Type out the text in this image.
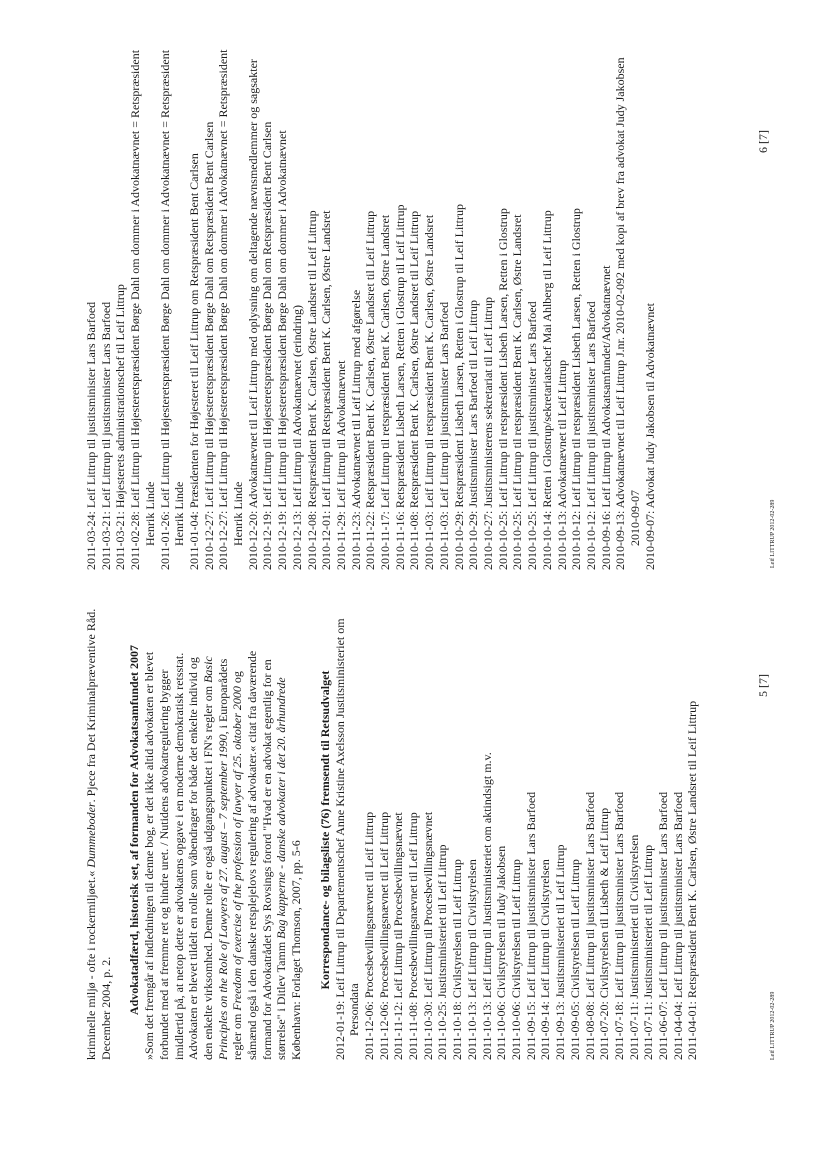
kriminelle miljø - ofte i rockermiljøet.« Dummeboder. Pjece fra Det Kriminalpræventive Råd. December 2004, p. 2. Advokatadfærd, historisk set, af formanden for Advokatsamfundet 2007 »Som det fremgår af indledningen til denne bog, er det ikke altid advokaten er blevet forbundet med at fremme ret og hindre uret. / Nutidens advokatregulering bygger imidlertid på, at netop dette er advokatens opgave i en moderne demokratisk retsstat. Advokaten er blevet tildelt en rolle som våbendrager for både det enkelte individ og den enkelte virksomhed. Denne rolle er også udgangspunktet i FN's regler om Basic
Principles on the Role of Lawyers af 27. august – 7 september 1990, i Europarådets
regler om Freedom of exercise of the profession of lawyer af 25. oktober 2000 og såmænd også i den danske retsplejelovs regulering af advokater.« citat fra daværende formand for Advokatrådet Sys Rovsings forord "Hvad er en advokat egentlig for en størrelse" i Ditlev Tamm Bag kapperne - danske advokater i det 20. århundrede
København: Forlaget Thomson, 2007, pp. 5-6 Korrespondance- og bilagsliste (76) fremsendt til Retsudvalget 2012-01-19: Leif Littrup til Departementschef Anne Kristine Axelsson Justitsministeriet om Persondata 2011-12-06: Procesbevillingsnævnet til Leif Littrup 2011-12-06: Procesbevillingsnævnet til Leif Littrup 2011-11-12: Leif Littrup til Procesbevillingsnævnet 2011-11-08: Procesbevillingsnævnet til Leif Littrup 2011-10-30: Leif Littrup til Procesbevillingsnævnet 2011-10-25: Justitsministeriet til Leif Littrup 2011-10-18: Civilstyrelsen til Leif Littrup 2011-10-13: Leif Littrup til Civilstyrelsen 2011-10-13: Leif Littrup til Justitsministeriet om aktindsigt m.v. 2011-10-06: Civilstyrelsen til Judy Jakobsen 2011-10-06: Civilstyrelsen til Leif Littrup 2011-09-15: Leif Littrup til justitsminister Lars Barfoed 2011-09-14: Leif Littrup til Civilstyrelsen 2011-09-13: Justitsministeriet til Leif Littrup 2011-09-05: Civilstyrelsen til Leif Littrup 2011-08-08: Leif Littrup til justitsminister Lars Barfoed 2011-07-20: Civilstyrelsen til Lisbeth & Leif Littrup 2011-07-18: Leif Littrup til justitsminister Lars Barfoed 2011-07-11: Justitsministeriet til Civilstyrelsen 2011-07-11: Justitsministeriet til Leif Littrup 2011-06-07: Leif Littrup til justitsminister Lars Barfoed 2011-04-04: Leif Littrup til justitsminister Lars Barfoed 2011-04-01: Retspræsident Bent K. Carlsen, Østre Landsret til Leif Littrup

5[7]
Leif LITTRUP 2012-02-289

2011-03-24: Leif Littrup til justitsminister Lars Barfoed 2011-03-21: Leif Littrup til justitsminister Lars Barfoed 2011-03-21: Højesterets administrationschef til Leif Littrup 2011-02-28: Leif Littrup til Højesteretspræsident Børge Dahl om dommer i Advokatnævnet = Retspræsident Henrik Linde 2011-01-26: Leif Littrup til Højesteretspræsident Børge Dahl om dommer i Advokatnævnet = Retspræsident Henrik Linde 2011-01-04: Præsidenten for Højesteret til Leif Littrup om Retspræsident Bent Carlsen 2010-12-27: Leif Littrup til Højesteretspræsident Børge Dahl om Retspræsident Bent Carlsen 2010-12-27: Leif Littrup til Højesteretspræsident Børge Dahl om dommer i Advokatnævnet = Retspræsident Henrik Linde 2010-12-20: Advokatnævnet til Leif Littrup med oplysning om deltagende nævnsmedlemmer og sagsakter 2010-12-19: Leif Littrup til Højesteretspræsident Børge Dahl om Retspræsident Bent Carlsen 2010-12-19: Leif Littrup til Højesteretspræsident Børge Dahl om dommer i Advokatnævnet 2010-12-13: Leif Littrup til Advokatnævnet (erindring) 2010-12-08: Retspræsident Bent K. Carlsen, Østre Landsret til Leif Littrup 2010-12-01: Leif Littrup til Retspræsident Bent K. Carlsen, Østre Landsret 2010-11-29: Leif Littrup til Advokatnævnet 2010-11-23: Advokatnævnet til Leif Littrup med afgørelse 2010-11-22: Retspræsident Bent K. Carlsen, Østre Landsret til Leif Littrup 2010-11-17: Leif Littrup til retspræsident Bent K. Carlsen, Østre Landsret 2010-11-16: Retspræsident Lisbeth Larsen, Retten i Glostrup til Leif Littrup 2010-11-08: Retspræsident Bent K. Carlsen, Østre Landsret til Leif Littrup 2010-11-03: Leif Littrup til retspræsident Bent K. Carlsen, Østre Landsret 2010-11-03: Leif Littrup til justitsminister Lars Barfoed 2010-10-29: Retspræsident Lisbeth Larsen, Retten i Glostrup til Leif Littrup 2010-10-29: Justitsminister Lars Barfoed til Leif Littrup 2010-10-27: Justitsministerens sekretariat til Leif Littrup 2010-10-25: Leif Littrup til retspræsident Lisbeth Larsen, Retten i Glostrup 2010-10-25: Leif Littrup til retspræsident Bent K. Carlsen, Østre Landsret 2010-10-25: Leif Littrup til justitsminister Lars Barfoed 2010-10-14: Retten i Glostrup/sekretariatschef Mai Ahlberg til Leif Littrup 2010-10-13: Advokatnævnet til Leif Littrup 2010-10-12: Leif Littrup til retspræsident Lisbeth Larsen, Retten i Glostrup 2010-10-12: Leif Littrup til justitsminister Lars Barfoed 2010-09-16: Leif Littrup til Advokatsamfundet/Advokatnævnet 2010-09-13: Advokatnævnet til Leif Littrup J.nr. 2010-02-092 med kopi af brev fra advokat Judy Jakobsen 2010-09-07 2010-09-07: Advokat Judy Jakobsen til Advokatnævnet

6[7]
Leif LITTRUP 2012-02-289
